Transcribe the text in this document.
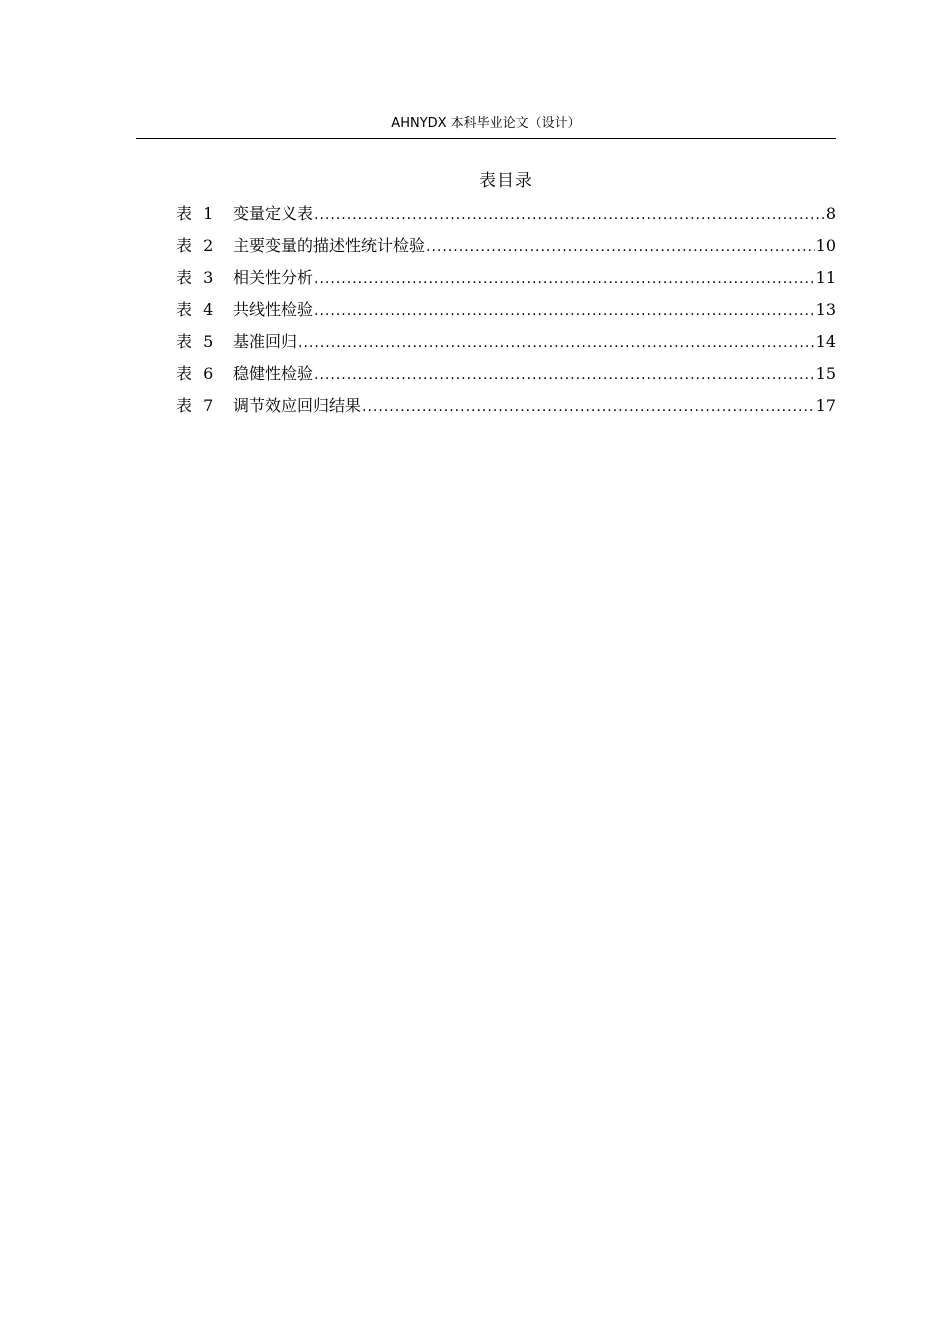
AHNYDX 本科毕业论文（设计）
表目录
表 1	变量定义表 .....	8
表 2	主要变量的描述性统计检验 .....	10
表 3	相关性分析 .....	11
表 4	共线性检验 .....	13
表 5	基准回归 .....	14
表 6	稳健性检验 .....	15
表 7	调节效应回归结果 .....	17
